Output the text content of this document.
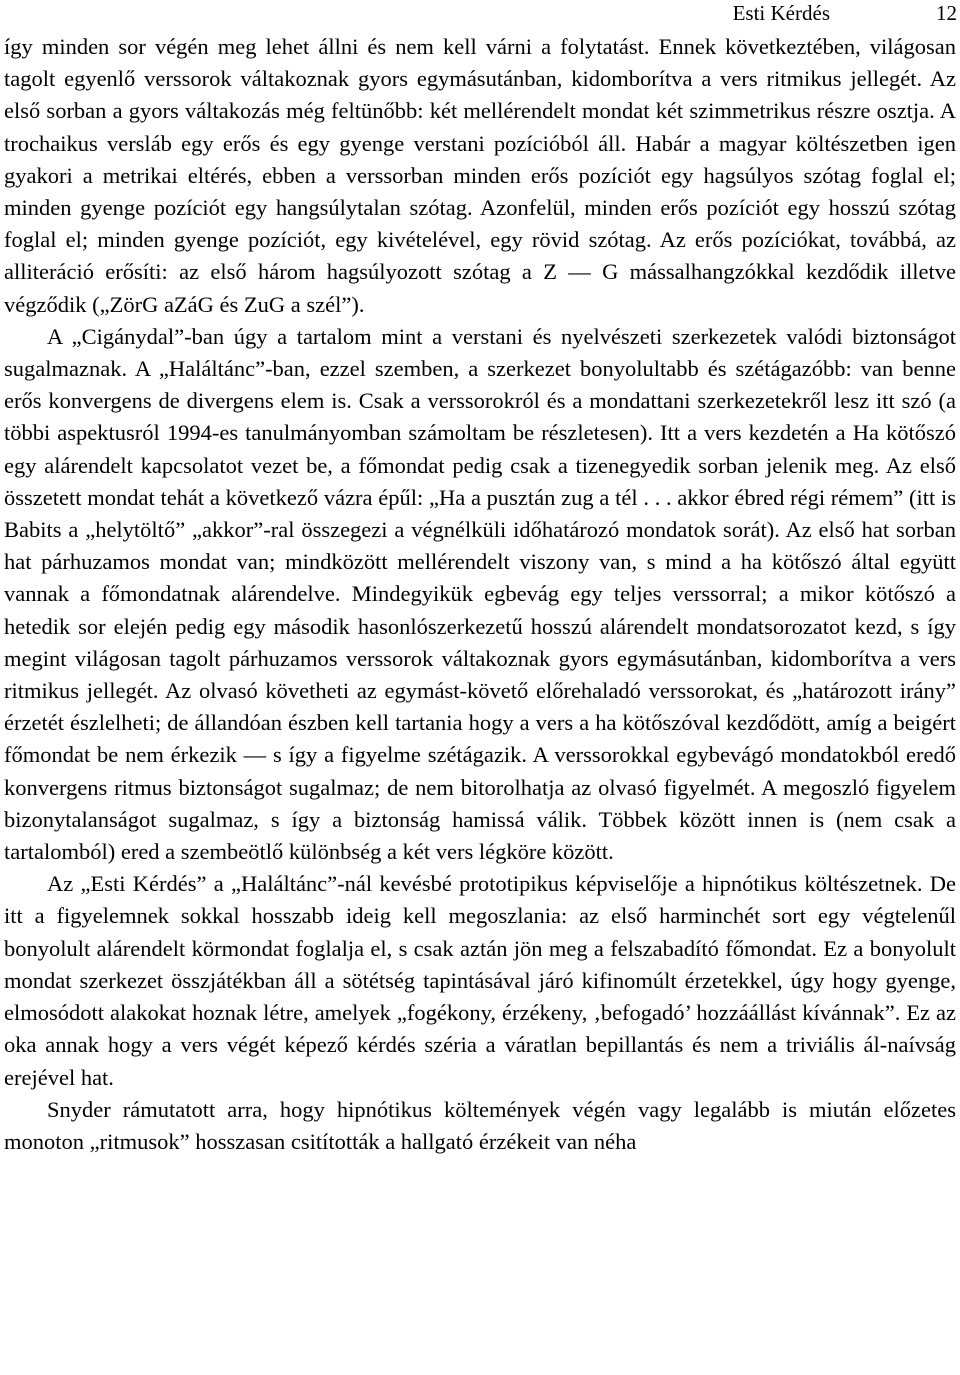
Esti Kérdés	12

így minden sor végén meg lehet állni és nem kell várni a folytatást. Ennek következtében, világosan tagolt egyenlő verssorok váltakoznak gyors egymásutánban, kidomborítva a vers ritmikus jellegét. Az első sorban a gyors váltakozás még feltünőbb: két mellérendelt mondat két szimmetrikus részre osztja. A trochaikus versláb egy erős és egy gyenge verstani pozícióból áll. Habár a magyar költészetben igen gyakori a metrikai eltérés, ebben a verssorban minden erős pozíciót egy hagsúlyos szótag foglal el; minden gyenge pozíciót egy hangsúlytalan szótag. Azonfelül, minden erős pozíciót egy hosszú szótag foglal el; minden gyenge pozíciót, egy kivételével, egy rövid szótag. Az erős pozíciókat, továbbá, az alliteráció erősíti: az első három hagsúlyozott szótag a Z — G mássalhangzókkal kezdődik illetve végződik („ZörG aZáG és ZuG a szél”).

A „Cigánydal”-ban úgy a tartalom mint a verstani és nyelvészeti szerkezetek valódi biztonságot sugalmaznak. A „Haláltánc”-ban, ezzel szemben, a szerkezet bonyolultabb és szétágazóbb: van benne erős konvergens de divergens elem is. Csak a verssorokról és a mondattani szerkezetekről lesz itt szó (a többi aspektusról 1994-es tanulmányomban számoltam be részletesen). Itt a vers kezdetén a Ha kötőszó egy alárendelt kapcsolatot vezet be, a főmondat pedig csak a tizenegyedik sorban jelenik meg. Az első összetett mondat tehát a következő vázra épűl: „Ha a pusztán zug a tél . . . akkor ébred régi rémem” (itt is Babits a „helytöltő” „akkor”-ral összegezi a végnélküli időhatározó mondatok sorát). Az első hat sorban hat párhuzamos mondat van; mindközött mellérendelt viszony van, s mind a ha kötőszó által együtt vannak a főmondatnak alárendelve. Mindegyikük egbevág egy teljes verssorral; a mikor kötőszó a hetedik sor elején pedig egy második hasonlószerkezetű hosszú alárendelt mondatsorozatot kezd, s így megint világosan tagolt párhuzamos verssorok váltakoznak gyors egymásutánban, kidomborítva a vers ritmikus jellegét. Az olvasó követheti az egymást-követő előrehaladó verssorokat, és „határozott irány” érzetét észlelheti; de állandóan észben kell tartania hogy a vers a ha kötőszóval kezdődött, amíg a beigért főmondat be nem érkezik — s így a figyelme szétágazik. A verssorokkal egybevágó mondatokból eredő konvergens ritmus biztonságot sugalmaz; de nem bitorolhatja az olvasó figyelmét. A megoszló figyelem bizonytalanságot sugalmaz, s így a biztonság hamissá válik. Többek között innen is (nem csak a tartalomból) ered a szembeötlő különbség a két vers légköre között.

Az „Esti Kérdés” a „Haláltánc”-nál kevésbé prototipikus képviselője a hipnótikus költészetnek. De itt a figyelemnek sokkal hosszabb ideig kell megoszlania: az első harminchét sort egy végtelenűl bonyolult alárendelt körmondat foglalja el, s csak aztán jön meg a felszabadító főmondat. Ez a bonyolult mondat szerkezet összjátékban áll a sötétség tapintásával járó kifinomúlt érzetekkel, úgy hogy gyenge, elmosódott alakokat hoznak létre, amelyek „fogékony, érzékeny, ‚befogadó’ hozzáállást kívánnak”. Ez az oka annak hogy a vers végét képező kérdés széria a váratlan bepillantás és nem a triviális ál-naívság erejével hat.

Snyder rámutatott arra, hogy hipnótikus költemények végén vagy legalább is miután előzetes monoton „ritmusok” hosszasan csitították a hallgató érzékeit van néha
